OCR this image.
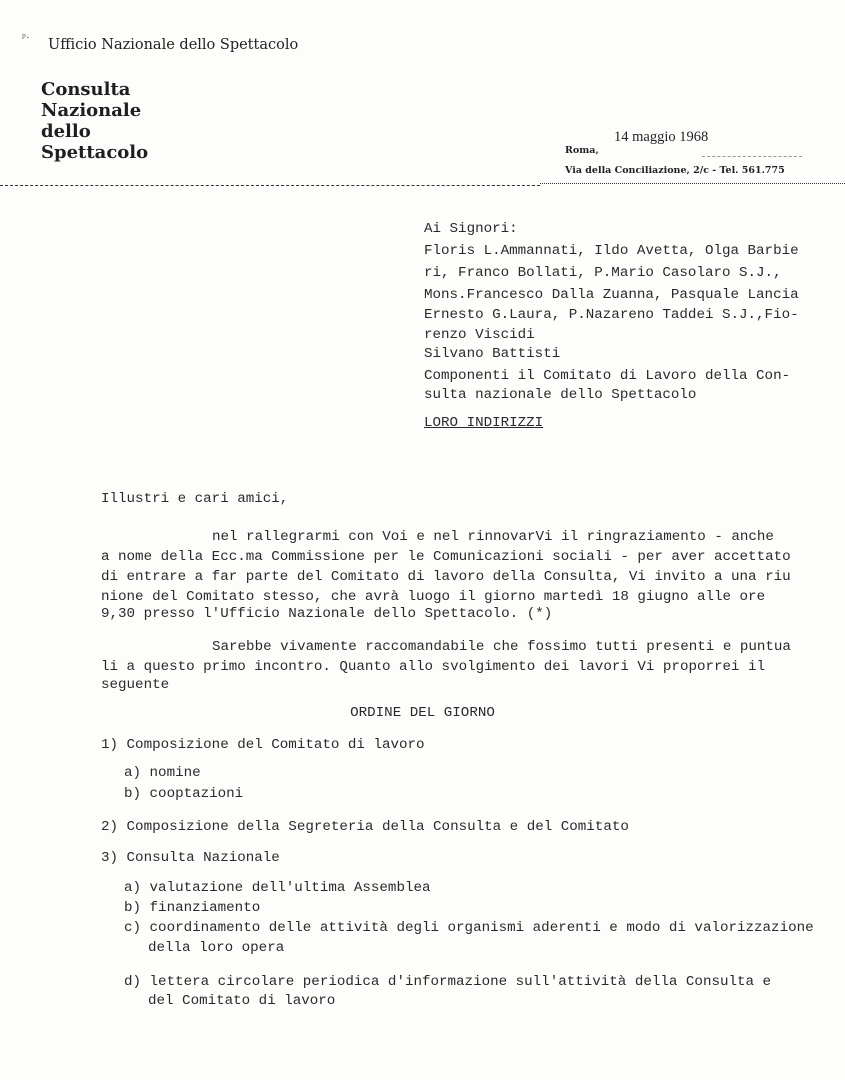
ᵖ· Ufficio Nazionale dello Spettacolo
Consulta
Nazionale
dello
Spettacolo
14 maggio 1968
Roma,
Via della Conciliazione, 2/c - Tel. 561.775
Ai Signori:
Floris L.Ammannati, Ildo Avetta, Olga Barbie
ri, Franco Bollati, P.Mario Casolaro S.J.,
Mons.Francesco Dalla Zuanna, Pasquale Lancia
Ernesto G.Laura, P.Nazareno Taddei S.J.,Fio-
renzo Viscidi
Silvano Battisti
Componenti il Comitato di Lavoro della Con-
sulta nazionale dello Spettacolo
LORO INDIRIZZI
Illustri e cari amici,
nel rallegrarmi con Voi e nel rinnovarVi il ringraziamento - anche
a nome della Ecc.ma Commissione per le Comunicazioni sociali - per aver accettato
di entrare a far parte del Comitato di lavoro della Consulta, Vi invito a una riu
nione del Comitato stesso, che avrà luogo il giorno martedì 18 giugno alle ore
9,30 presso l'Ufficio Nazionale dello Spettacolo. (*)
Sarebbe vivamente raccomandabile che fossimo tutti presenti e puntua
li a questo primo incontro. Quanto allo svolgimento dei lavori Vi proporrei il
seguente
ORDINE DEL GIORNO
1) Composizione del Comitato di lavoro
a) nomine
b) cooptazioni
2) Composizione della Segreteria della Consulta e del Comitato
3) Consulta Nazionale
a) valutazione dell'ultima Assemblea
b) finanziamento
c) coordinamento delle attività degli organismi aderenti e modo di valorizzazione
della loro opera
d) lettera circolare periodica d'informazione sull'attività della Consulta e
del Comitato di lavoro
